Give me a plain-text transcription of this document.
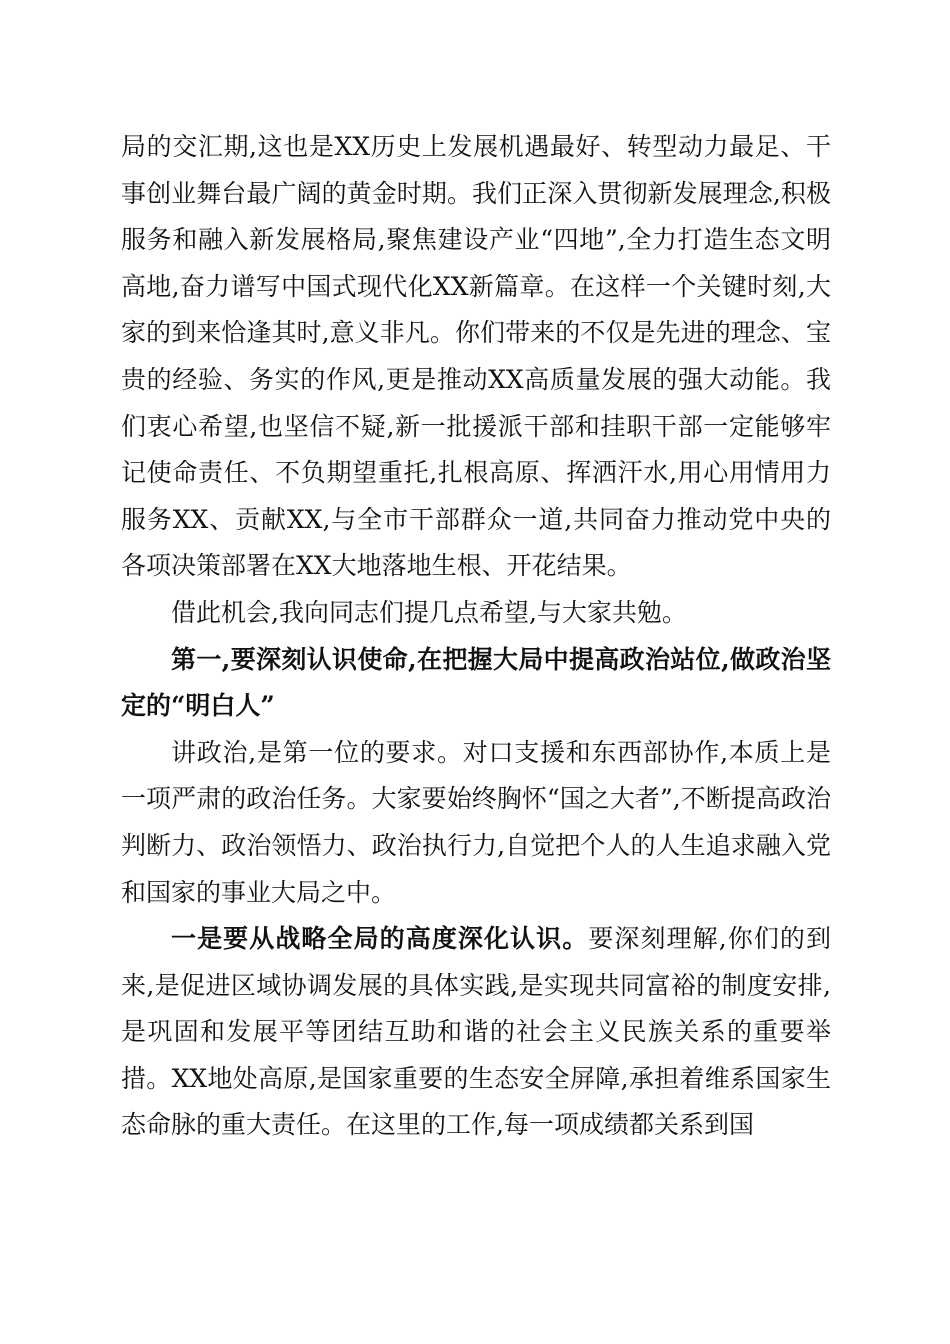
局的交汇期,这也是XX历史上发展机遇最好、转型动力最足、干事创业舞台最广阔的黄金时期。我们正深入贯彻新发展理念,积极服务和融入新发展格局,聚焦建设产业“四地”,全力打造生态文明高地,奋力谱写中国式现代化XX新篇章。在这样一个关键时刻,大家的到来恰逢其时,意义非凡。你们带来的不仅是先进的理念、宝贵的经验、务实的作风,更是推动XX高质量发展的强大动能。我们衷心希望,也坚信不疑,新一批援派干部和挂职干部一定能够牢记使命责任、不负期望重托,扎根高原、挥洒汗水,用心用情用力服务XX、贡献XX,与全市干部群众一道,共同奋力推动党中央的各项决策部署在XX大地落地生根、开花结果。

借此机会,我向同志们提几点希望,与大家共勉。

第一,要深刻认识使命,在把握大局中提高政治站位,做政治坚定的“明白人”

讲政治,是第一位的要求。对口支援和东西部协作,本质上是一项严肃的政治任务。大家要始终胸怀“国之大者”,不断提高政治判断力、政治领悟力、政治执行力,自觉把个人的人生追求融入党和国家的事业大局之中。

一是要从战略全局的高度深化认识。要深刻理解,你们的到来,是促进区域协调发展的具体实践,是实现共同富裕的制度安排,是巩固和发展平等团结互助和谐的社会主义民族关系的重要举措。XX地处高原,是国家重要的生态安全屏障,承担着维系国家生态命脉的重大责任。在这里的工作,每一项成绩都关系到国
